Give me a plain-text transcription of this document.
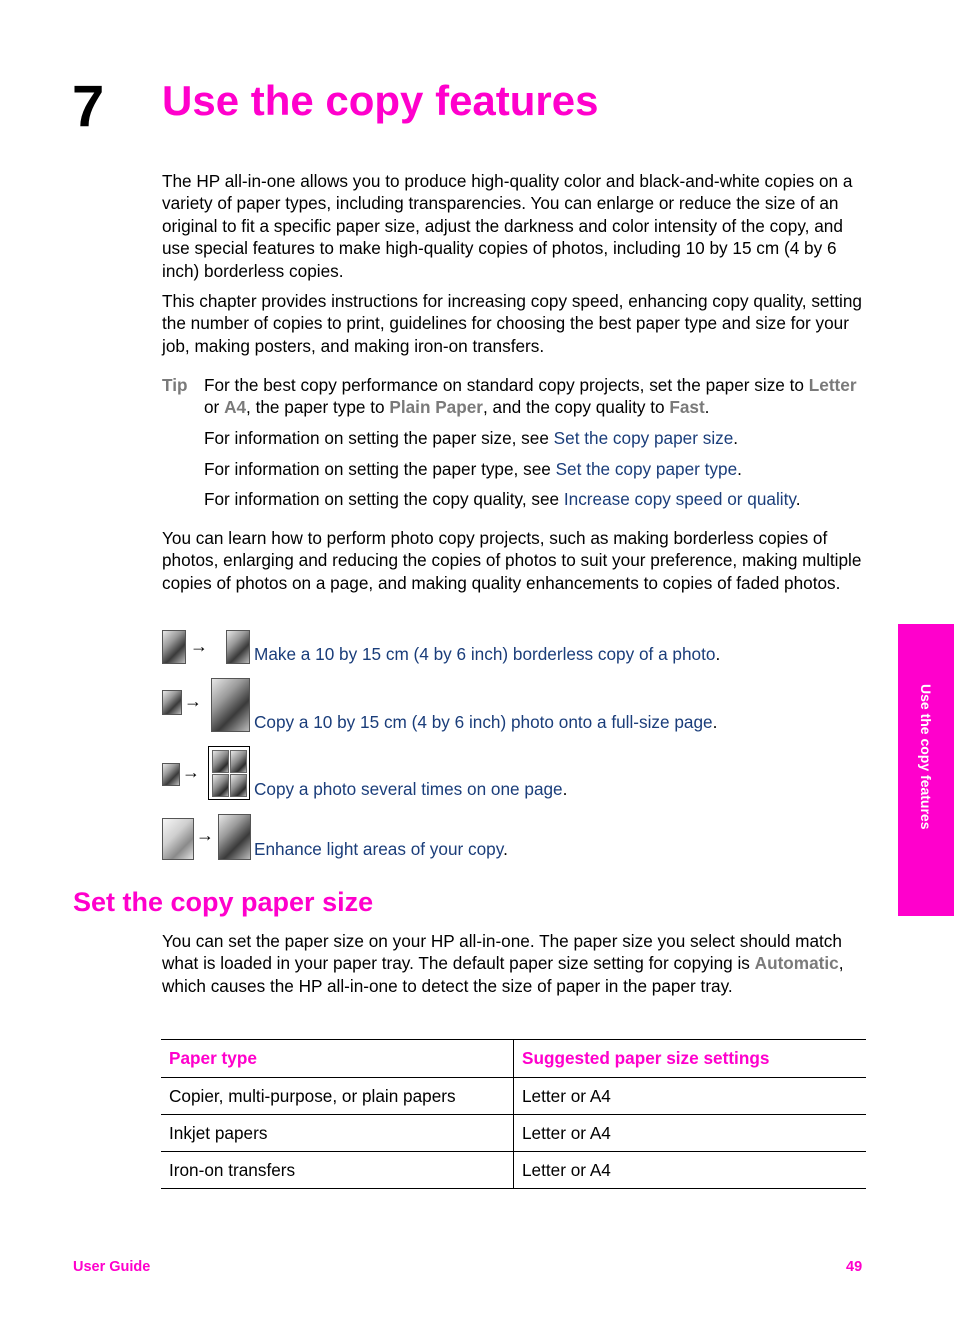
7 Use the copy features

The HP all-in-one allows you to produce high-quality color and black-and-white copies on a variety of paper types, including transparencies. You can enlarge or reduce the size of an original to fit a specific paper size, adjust the darkness and color intensity of the copy, and use special features to make high-quality copies of photos, including 10 by 15 cm (4 by 6 inch) borderless copies.

This chapter provides instructions for increasing copy speed, enhancing copy quality, setting the number of copies to print, guidelines for choosing the best paper type and size for your job, making posters, and making iron-on transfers.

Tip For the best copy performance on standard copy projects, set the paper size to Letter or A4, the paper type to Plain Paper, and the copy quality to Fast.

For information on setting the paper size, see Set the copy paper size.

For information on setting the paper type, see Set the copy paper type.

For information on setting the copy quality, see Increase copy speed or quality.

You can learn how to perform photo copy projects, such as making borderless copies of photos, enlarging and reducing the copies of photos to suit your preference, making multiple copies of photos on a page, and making quality enhancements to copies of faded photos.

→	Make a 10 by 15 cm (4 by 6 inch) borderless copy of a photo.
→
Copy a 10 by 15 cm (4 by 6 inch) photo onto a full-size page.
→
Copy a photo several times on one page.
→
Enhance light areas of your copy.
Set the copy paper size

You can set the paper size on your HP all-in-one. The paper size you select should match what is loaded in your paper tray. The default paper size setting for copying is Automatic, which causes the HP all-in-one to detect the size of paper in the paper tray.

Paper type	Suggested paper size settings
Copier, multi-purpose, or plain papers	Letter or A4
Inkjet papers	Letter or A4
Iron-on transfers	Letter or A4
Use the copy features
User Guide	49
